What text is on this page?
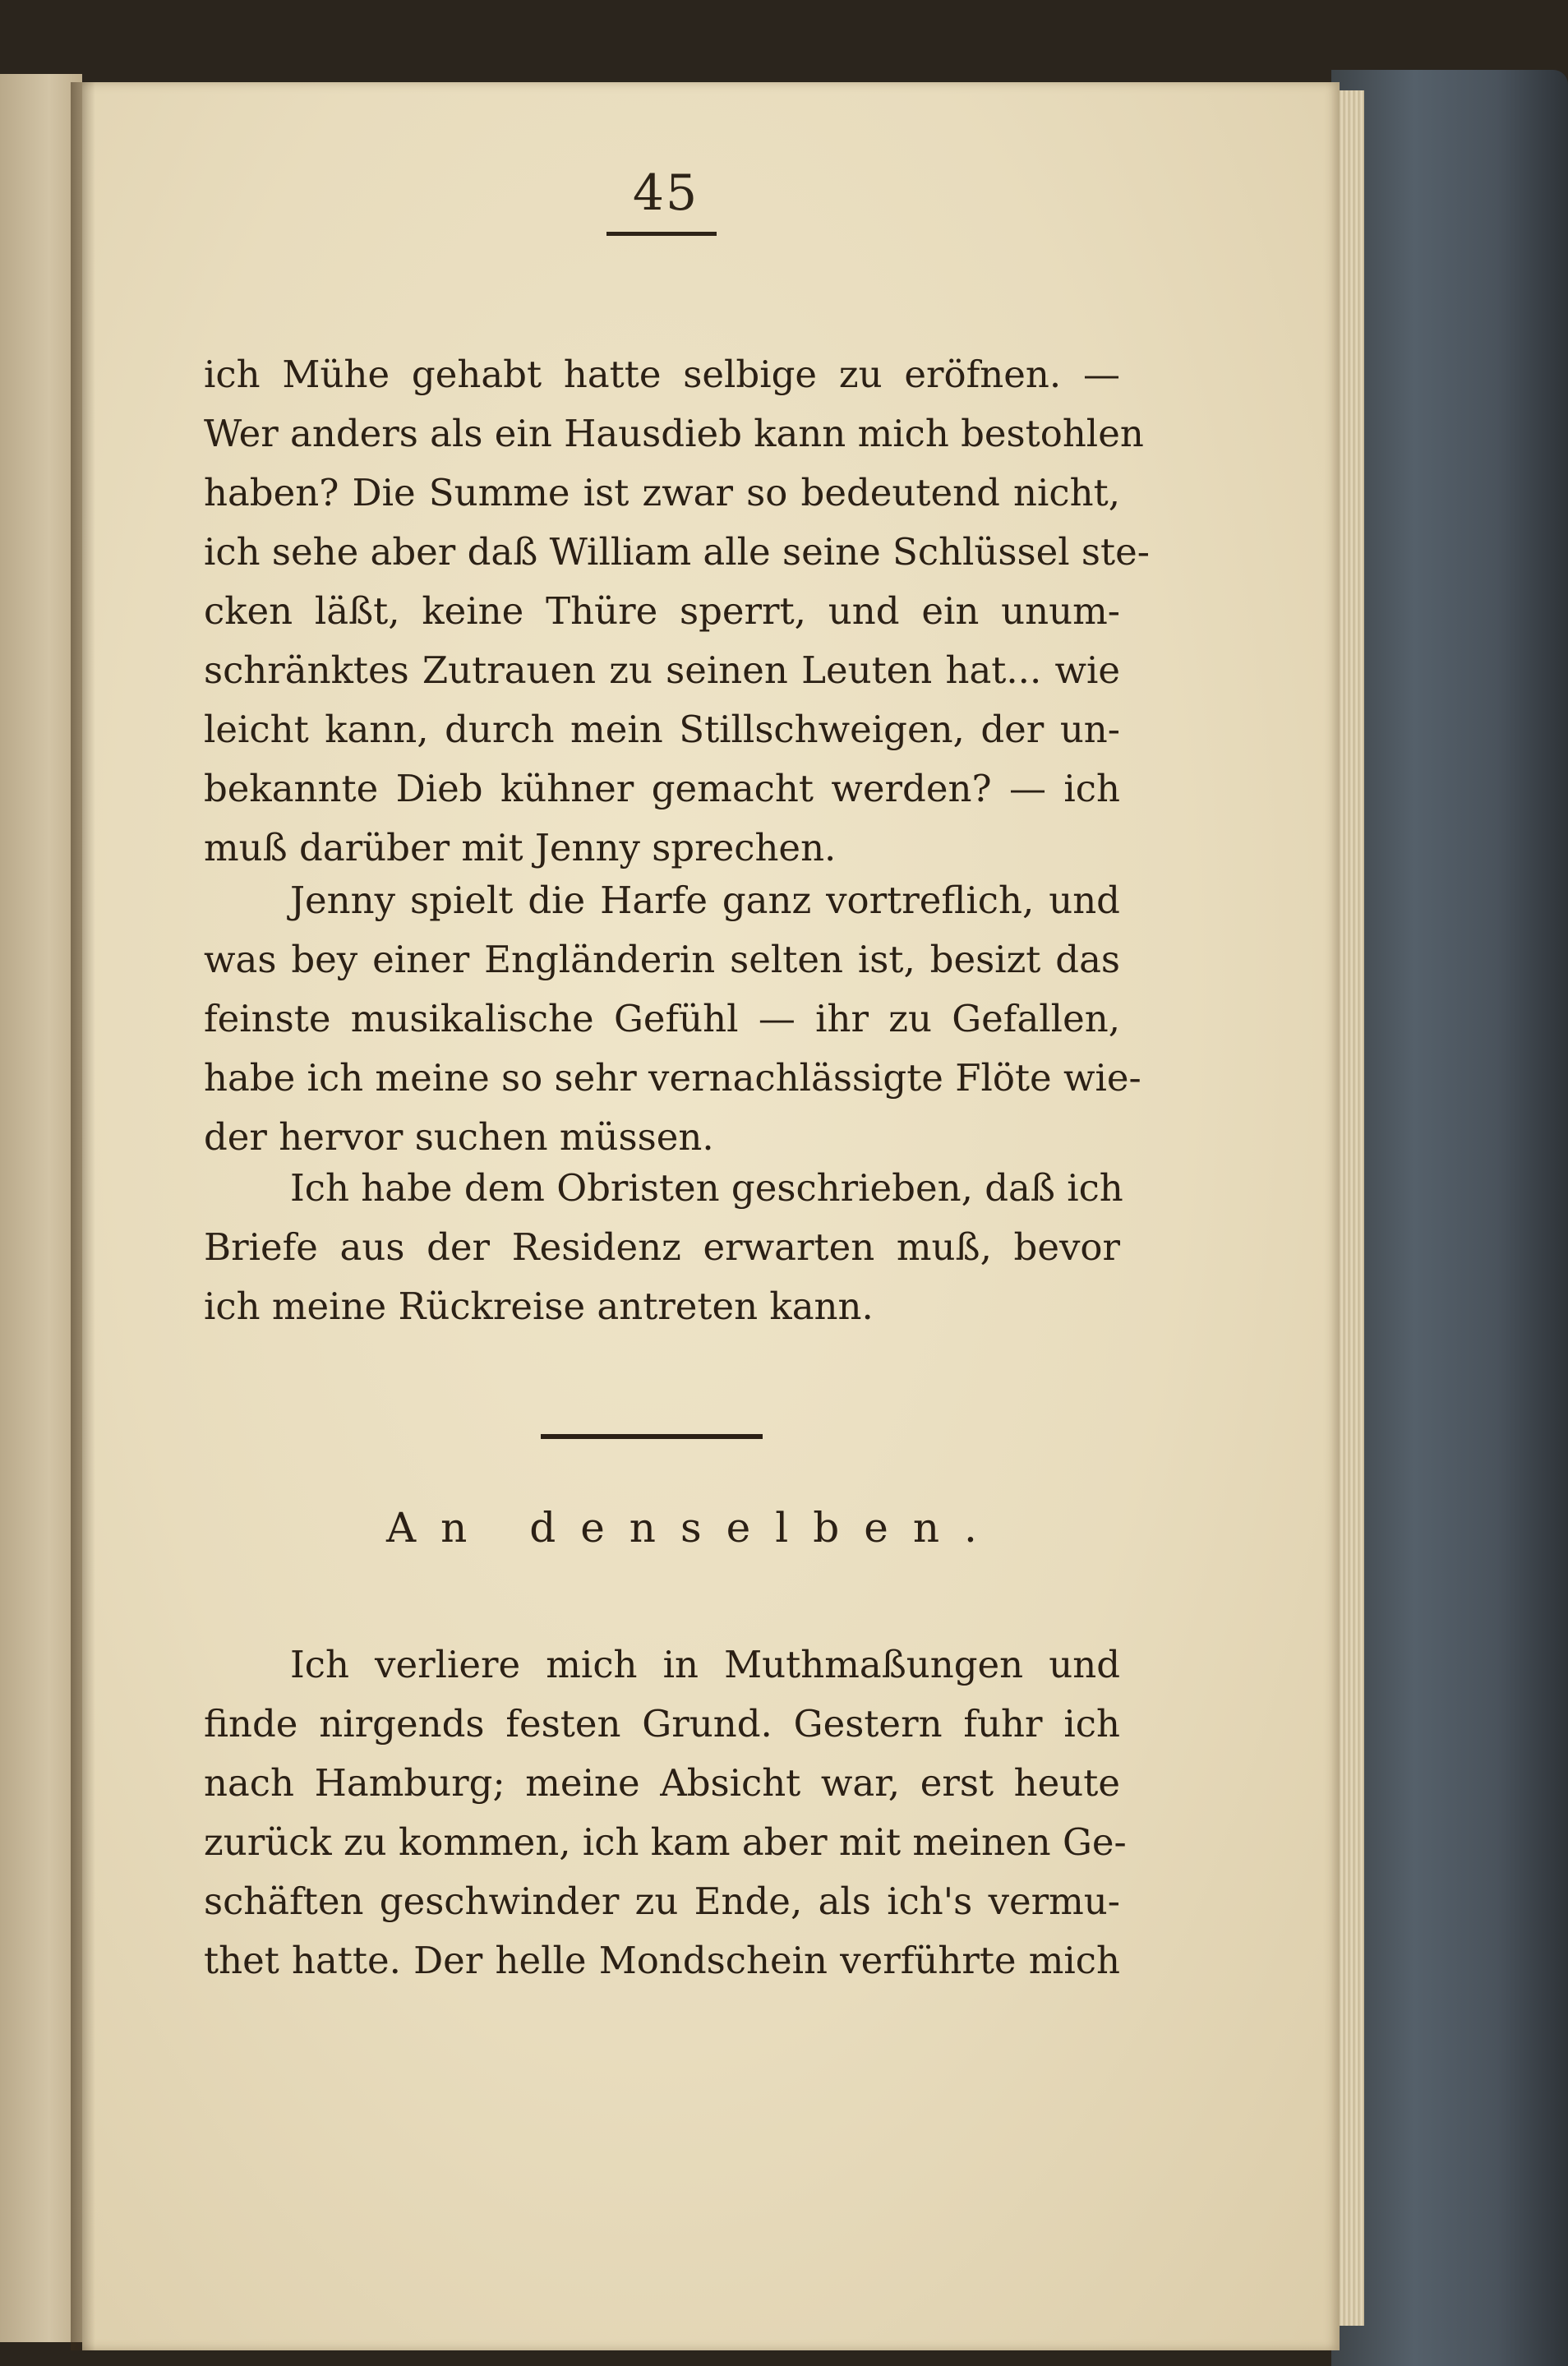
45
ich Mühe gehabt hatte selbige zu eröfnen. —
Wer anders als ein Hausdieb kann mich bestohlen
haben? Die Summe ist zwar so bedeutend nicht,
ich sehe aber daß William alle seine Schlüssel ste-
cken läßt, keine Thüre sperrt, und ein unum-
schränktes Zutrauen zu seinen Leuten hat... wie
leicht kann, durch mein Stillschweigen, der un-
bekannte Dieb kühner gemacht werden? — ich
muß darüber mit Jenny sprechen.
Jenny spielt die Harfe ganz vortreflich, und
was bey einer Engländerin selten ist, besizt das
feinste musikalische Gefühl — ihr zu Gefallen,
habe ich meine so sehr vernachlässigte Flöte wie-
der hervor suchen müssen.
Ich habe dem Obristen geschrieben, daß ich
Briefe aus der Residenz erwarten muß, bevor
ich meine Rückreise antreten kann.
An denselben.
Ich verliere mich in Muthmaßungen und
finde nirgends festen Grund. Gestern fuhr ich
nach Hamburg; meine Absicht war, erst heute
zurück zu kommen, ich kam aber mit meinen Ge-
schäften geschwinder zu Ende, als ich's vermu-
thet hatte. Der helle Mondschein verführte mich
